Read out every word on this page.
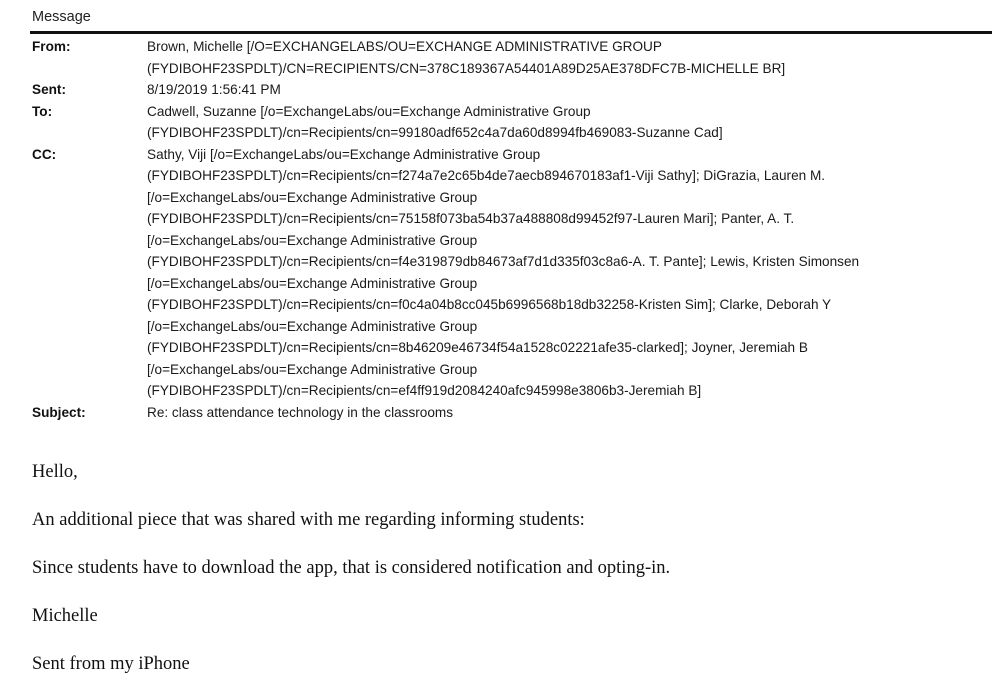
Message
From:	Brown, Michelle [/O=EXCHANGELABS/OU=EXCHANGE ADMINISTRATIVE GROUP
(FYDIBOHF23SPDLT)/CN=RECIPIENTS/CN=378C189367A54401A89D25AE378DFC7B-MICHELLE BR]
Sent:	8/19/2019 1:56:41 PM
To:	Cadwell, Suzanne [/o=ExchangeLabs/ou=Exchange Administrative Group
(FYDIBOHF23SPDLT)/cn=Recipients/cn=99180adf652c4a7da60d8994fb469083-Suzanne Cad]
CC:	Sathy, Viji [/o=ExchangeLabs/ou=Exchange Administrative Group
(FYDIBOHF23SPDLT)/cn=Recipients/cn=f274a7e2c65b4de7aecb894670183af1-Viji Sathy]; DiGrazia, Lauren M.
[/o=ExchangeLabs/ou=Exchange Administrative Group
(FYDIBOHF23SPDLT)/cn=Recipients/cn=75158f073ba54b37a488808d99452f97-Lauren Mari]; Panter, A. T.
[/o=ExchangeLabs/ou=Exchange Administrative Group
(FYDIBOHF23SPDLT)/cn=Recipients/cn=f4e319879db84673af7d1d335f03c8a6-A. T. Pante]; Lewis, Kristen Simonsen
[/o=ExchangeLabs/ou=Exchange Administrative Group
(FYDIBOHF23SPDLT)/cn=Recipients/cn=f0c4a04b8cc045b6996568b18db32258-Kristen Sim]; Clarke, Deborah Y
[/o=ExchangeLabs/ou=Exchange Administrative Group
(FYDIBOHF23SPDLT)/cn=Recipients/cn=8b46209e46734f54a1528c02221afe35-clarked]; Joyner, Jeremiah B
[/o=ExchangeLabs/ou=Exchange Administrative Group
(FYDIBOHF23SPDLT)/cn=Recipients/cn=ef4ff919d2084240afc945998e3806b3-Jeremiah B]
Subject:	Re: class attendance technology in the classrooms

Hello,

An additional piece that was shared with me regarding informing students:

Since students have to download the app, that is considered notification and opting-in.

Michelle

Sent from my iPhone
